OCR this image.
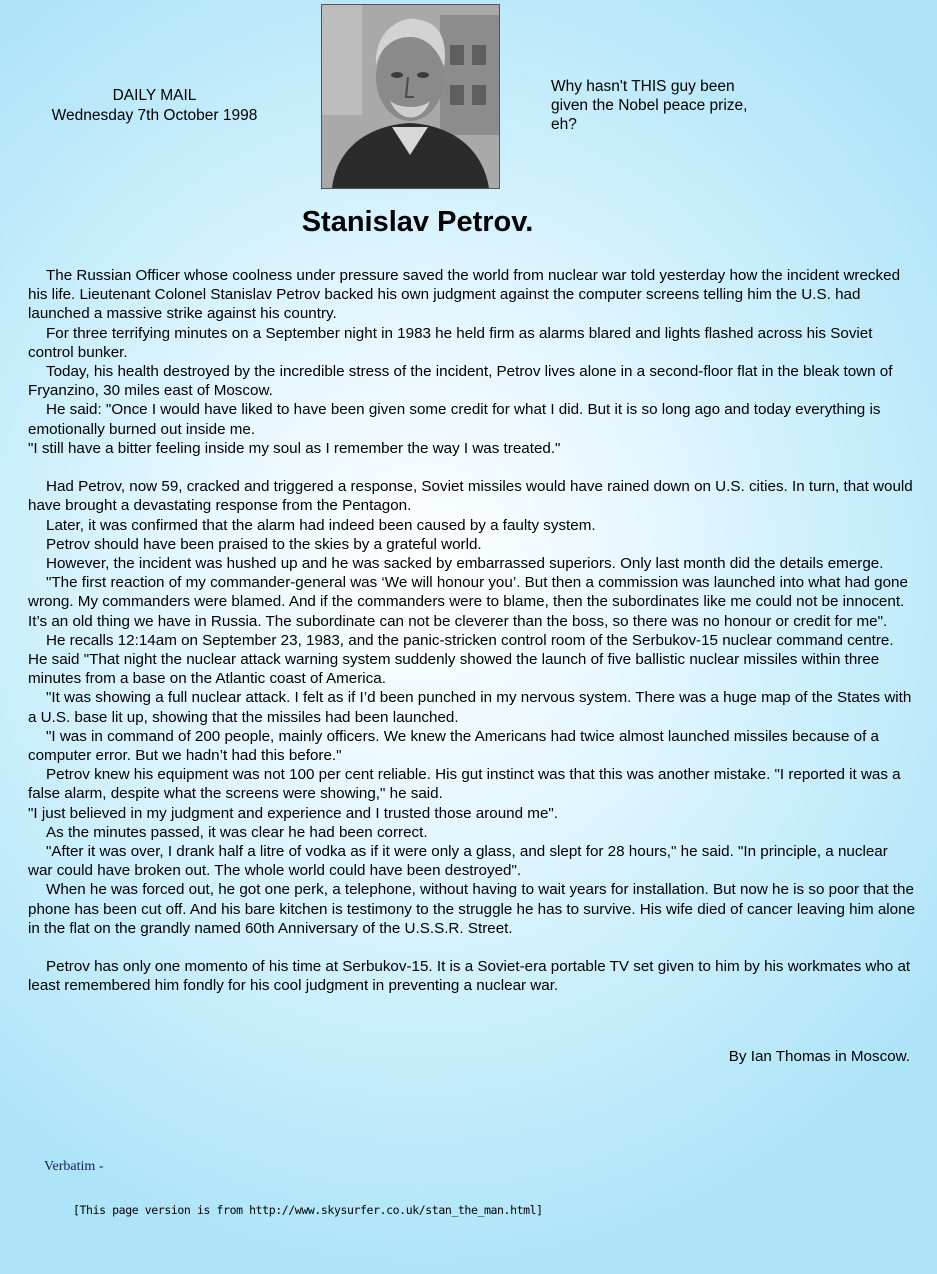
DAILY MAIL
Wednesday 7th October 1998
Why hasn't THIS guy been given the Nobel peace prize, eh?
Stanislav Petrov.

The Russian Officer whose coolness under pressure saved the world from nuclear war told yesterday how the incident wrecked his life. Lieutenant Colonel Stanislav Petrov backed his own judgment against the computer screens telling him the U.S. had launched a massive strike against his country.

For three terrifying minutes on a September night in 1983 he held firm as alarms blared and lights flashed across his Soviet control bunker.

Today, his health destroyed by the incredible stress of the incident, Petrov lives alone in a second-floor flat in the bleak town of Fryanzino, 30 miles east of Moscow.

He said: "Once I would have liked to have been given some credit for what I did. But it is so long ago and today everything is emotionally burned out inside me.

"I still have a bitter feeling inside my soul as I remember the way I was treated."

Had Petrov, now 59, cracked and triggered a response, Soviet missiles would have rained down on U.S. cities. In turn, that would have brought a devastating response from the Pentagon.

Later, it was confirmed that the alarm had indeed been caused by a faulty system.

Petrov should have been praised to the skies by a grateful world.

However, the incident was hushed up and he was sacked by embarrassed superiors. Only last month did the details emerge.

"The first reaction of my commander-general was ‘We will honour you’. But then a commission was launched into what had gone wrong. My commanders were blamed. And if the commanders were to blame, then the subordinates like me could not be innocent. It’s an old thing we have in Russia. The subordinate can not be cleverer than the boss, so there was no honour or credit for me".

He recalls 12:14am on September 23, 1983, and the panic-stricken control room of the Serbukov-15 nuclear command centre. He said "That night the nuclear attack warning system suddenly showed the launch of five ballistic nuclear missiles within three minutes from a base on the Atlantic coast of America.

"It was showing a full nuclear attack. I felt as if I’d been punched in my nervous system. There was a huge map of the States with a U.S. base lit up, showing that the missiles had been launched.

"I was in command of 200 people, mainly officers. We knew the Americans had twice almost launched missiles because of a computer error. But we hadn’t had this before."

Petrov knew his equipment was not 100 per cent reliable. His gut instinct was that this was another mistake. "I reported it was a false alarm, despite what the screens were showing," he said.

"I just believed in my judgment and experience and I trusted those around me".

As the minutes passed, it was clear he had been correct.

"After it was over, I drank half a litre of vodka as if it were only a glass, and slept for 28 hours," he said. "In principle, a nuclear war could have broken out. The whole world could have been destroyed".

When he was forced out, he got one perk, a telephone, without having to wait years for installation. But now he is so poor that the phone has been cut off. And his bare kitchen is testimony to the struggle he has to survive. His wife died of cancer leaving him alone in the flat on the grandly named 60th Anniversary of the U.S.S.R. Street.

Petrov has only one momento of his time at Serbukov-15. It is a Soviet-era portable TV set given to him by his workmates who at least remembered him fondly for his cool judgment in preventing a nuclear war.

By Ian Thomas in Moscow.
Verbatim -
[This page version is from http://www.skysurfer.co.uk/stan_the_man.html]
